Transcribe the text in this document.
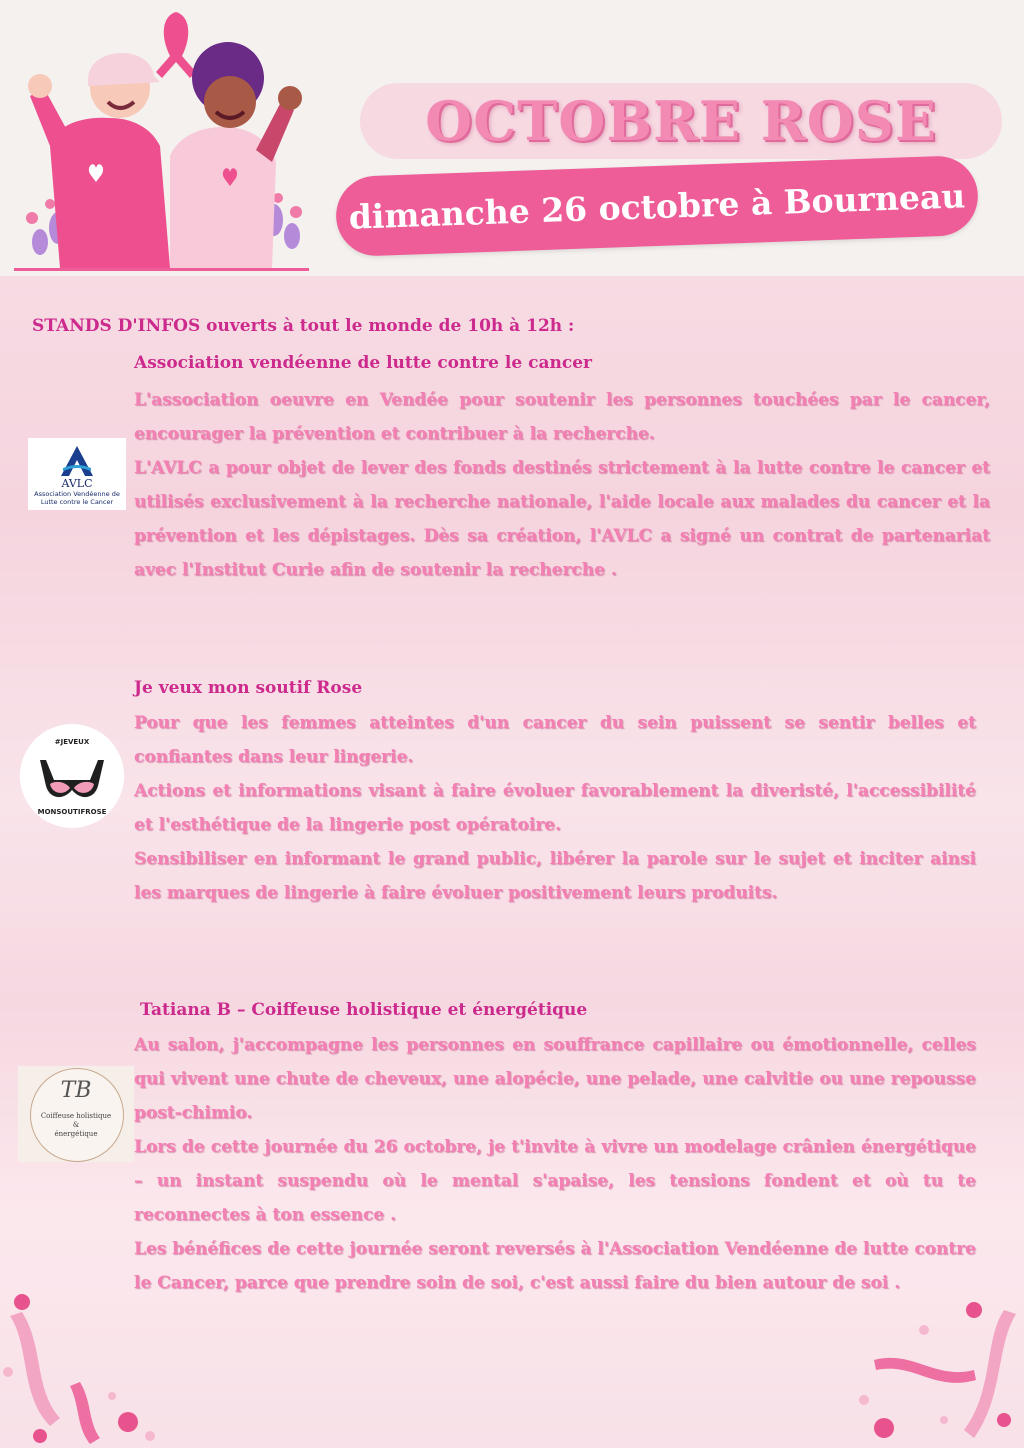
OCTOBRE ROSE
dimanche 26 octobre à Bourneau
STANDS D'INFOS ouverts à tout le monde de 10h à 12h :
Association vendéenne de lutte contre le cancer

L'association oeuvre en Vendée pour soutenir les personnes touchées par le cancer, encourager la prévention et contribuer à la recherche.

L'AVLC a pour objet de lever des fonds destinés strictement à la lutte contre le cancer et utilisés exclusivement à la recherche nationale, l'aide locale aux malades du cancer et la prévention et les dépistages. Dès sa création, l'AVLC a signé un contrat de partenariat avec l'Institut Curie afin de soutenir la recherche .

AVLC
Association Vendéenne de Lutte contre le Cancer
Je veux mon soutif Rose

Pour que les femmes atteintes d'un cancer du sein puissent se sentir belles et confiantes dans leur lingerie.

Actions et informations visant à faire évoluer favorablement la diveristé, l'accessibilité et l'esthétique de la lingerie post opératoire.

Sensibiliser en informant le grand public, libérer la parole sur le sujet et inciter ainsi les marques de lingerie à faire évoluer positivement leurs produits.

#JEVEUX
MONSOUTIFROSE
Tatiana B – Coiffeuse holistique et énergétique

Au salon, j'accompagne les personnes en souffrance capillaire ou émotionnelle, celles qui vivent une chute de cheveux, une alopécie, une pelade, une calvitie ou une repousse post-chimio.

Lors de cette journée du 26 octobre, je t'invite à vivre un modelage crânien énergétique – un instant suspendu où le mental s'apaise, les tensions fondent et où tu te reconnectes à ton essence .

Les bénéfices de cette journée seront reversés à l'Association Vendéenne de lutte contre le Cancer, parce que prendre soin de soi, c'est aussi faire du bien autour de soi .

TB
Coiffeuse holistique
&
énergétique
